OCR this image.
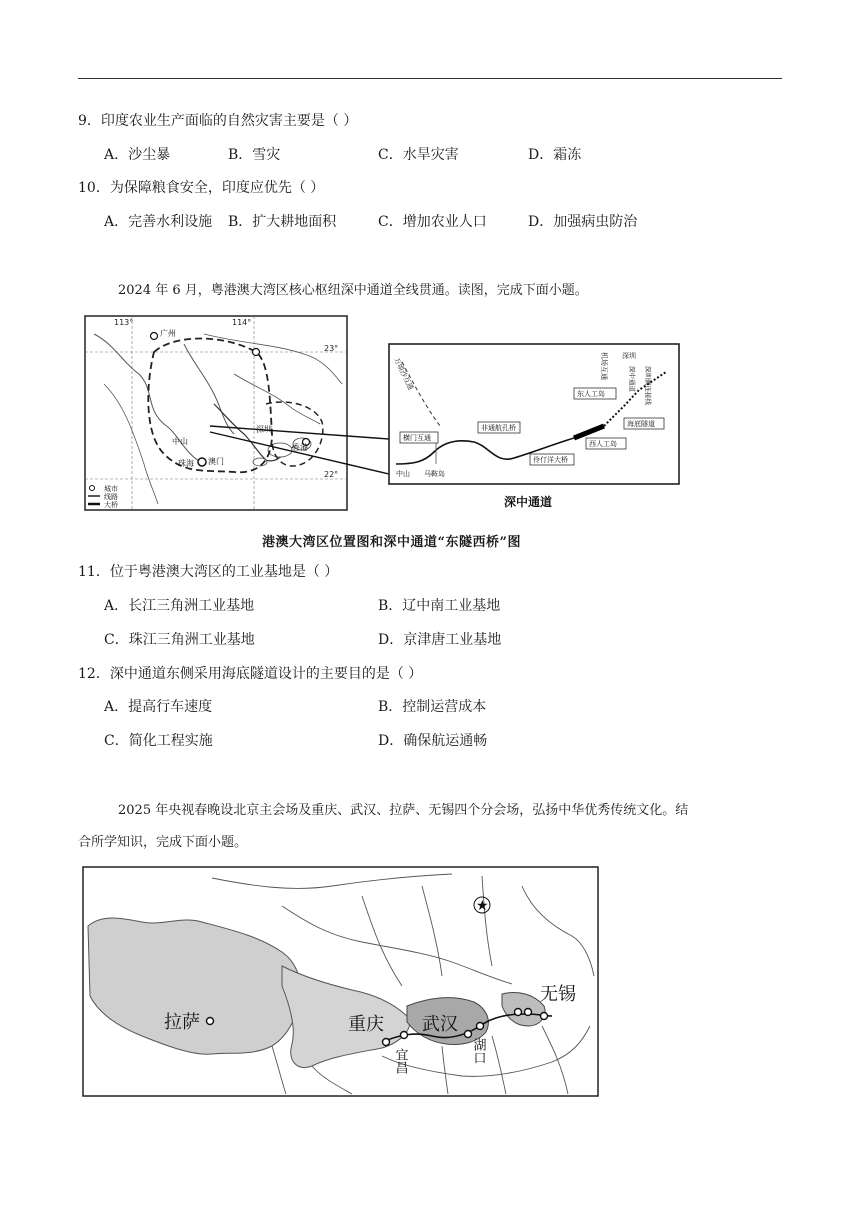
9．印度农业生产面临的自然灾害主要是（ ）
A．沙尘暴	B．雪灾	C．水旱灾害	D．霜冻
10．为保障粮食安全，印度应优先（ ）
A．完善水利设施 B．扩大耕地面积	C．增加农业人口	D．加强病虫防治
2024 年 6 月，粤港澳大湾区核心枢纽深中通道全线贯通。读图，完成下面小题。
113°	114°
23°
22°
广州
中山
珠海 澳门
深圳
香港
城市
线路
大桥
万顷沙互通
横门互通
中山 马鞍岛
非通航孔桥
伶仃洋大桥
西人工岛
海底隧道
东人工岛
机场互通 深圳
深中通道 深圳侧连接线
深中通道
港澳大湾区位置图和深中通道“东隧西桥”图
11．位于粤港澳大湾区的工业基地是（ ）
A．长江三角洲工业基地	B．辽中南工业基地
C．珠江三角洲工业基地	D．京津唐工业基地
12．深中通道东侧采用海底隧道设计的主要目的是（ ）
A．提高行车速度	B．控制运营成本
C．简化工程实施	D．确保航运通畅
2025 年央视春晚设北京主会场及重庆、武汉、拉萨、无锡四个分会场，弘扬中华优秀传统文化。结
合所学知识，完成下面小题。
★
拉萨	重庆 武汉
无锡
宜昌	湖口
